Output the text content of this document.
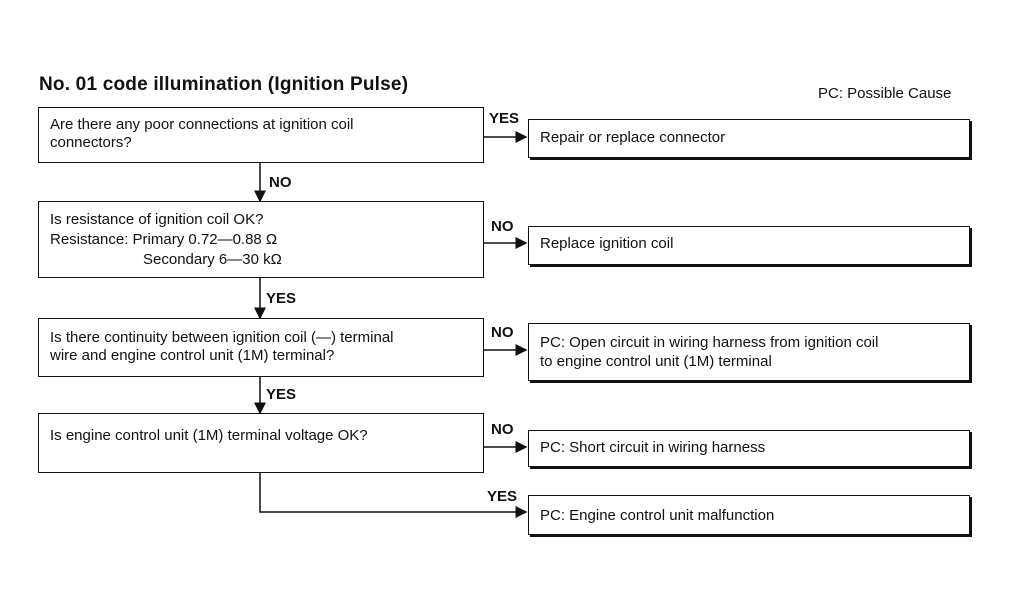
No. 01 code illumination (Ignition Pulse)	PC: Possible Cause
Are there any poor connections at ignition coil
connectors?
Is resistance of ignition coil OK?
Resistance: Primary 0.72—0.88 Ω
Secondary 6—30 kΩ
Is there continuity between ignition coil (—) terminal
wire and engine control unit (1M) terminal?
Is engine control unit (1M) terminal voltage OK?
Repair or replace connector
Replace ignition coil
PC: Open circuit in wiring harness from ignition coil
to engine control unit (1M) terminal
PC: Short circuit in wiring harness
PC: Engine control unit malfunction
YES
NO
NO
YES
NO
YES
NO
YES
